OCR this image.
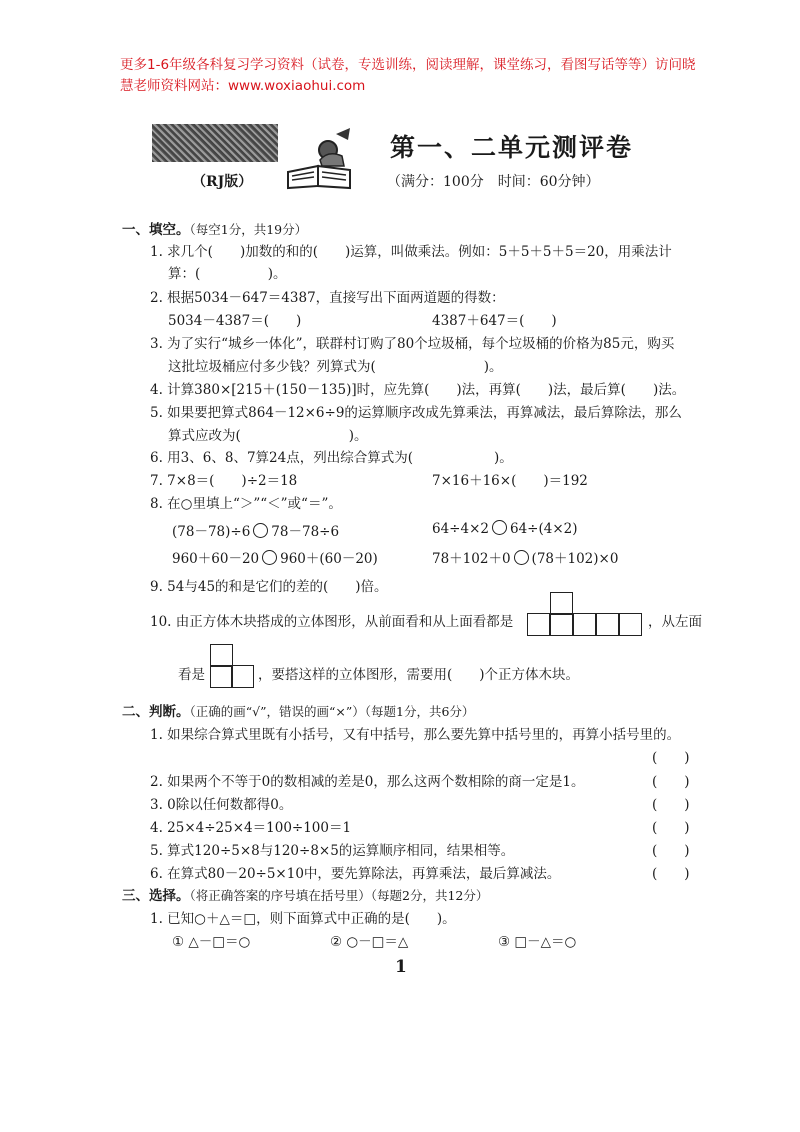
更多1-6年级各科复习学习资料（试卷，专选训练，阅读理解，课堂练习，看图写话等等）访问晓慧老师资料网站：www.woxiaohui.com
（RJ版）
第一、二单元测评卷
（满分：100分　时间：60分钟）
一、填空。（每空1分，共19分）
1. 求几个(　　)加数的和的(　　)运算，叫做乘法。例如：5＋5＋5＋5＝20，用乘法计
算：(　　　　　)。
2. 根据5034－647＝4387，直接写出下面两道题的得数：
5034－4387＝(　　)	4387＋647＝(　　)
3. 为了实行“城乡一体化”，联群村订购了80个垃圾桶，每个垃圾桶的价格为85元，购买
这批垃圾桶应付多少钱？列算式为(　　　　　　　　)。
4. 计算380×[215＋(150－135)]时，应先算(　　)法，再算(　　)法，最后算(　　)法。
5. 如果要把算式864－12×6÷9的运算顺序改成先算乘法，再算减法，最后算除法，那么
算式应改为(　　　　　　　　)。
6. 用3、6、8、7算24点，列出综合算式为(　　　　　　)。
7. 7×8＝(　　)÷2＝18	7×16＋16×(　　)＝192
8. 在○里填上“＞”“＜”或“＝”。
(78－78)÷6 78－78÷6	64÷4×2 64÷(4×2)
960＋60－20 960＋(60－20)	78＋102＋0 (78＋102)×0
9. 54与45的和是它们的差的(　　)倍。
10. 由正方体木块搭成的立体图形，从前面看和从上面看都是	，从左面
看是	，要搭这样的立体图形，需要用(　　)个正方体木块。
二、判断。（正确的画“√”，错误的画“×”）（每题1分，共6分）
1. 如果综合算式里既有小括号，又有中括号，那么要先算中括号里的，再算小括号里的。
(　　)
2. 如果两个不等于0的数相减的差是0，那么这两个数相除的商一定是1。	(　　)
3. 0除以任何数都得0。	(　　)
4. 25×4÷25×4＝100÷100＝1	(　　)
5. 算式120÷5×8与120÷8×5的运算顺序相同，结果相等。	(　　)
6. 在算式80－20÷5×10中，要先算除法，再算乘法，最后算减法。	(　　)
三、选择。（将正确答案的序号填在括号里）（每题2分，共12分）
1. 已知○＋△＝□，则下面算式中正确的是(　　)。
① △－□＝○	② ○－□＝△	③ □－△＝○
1
